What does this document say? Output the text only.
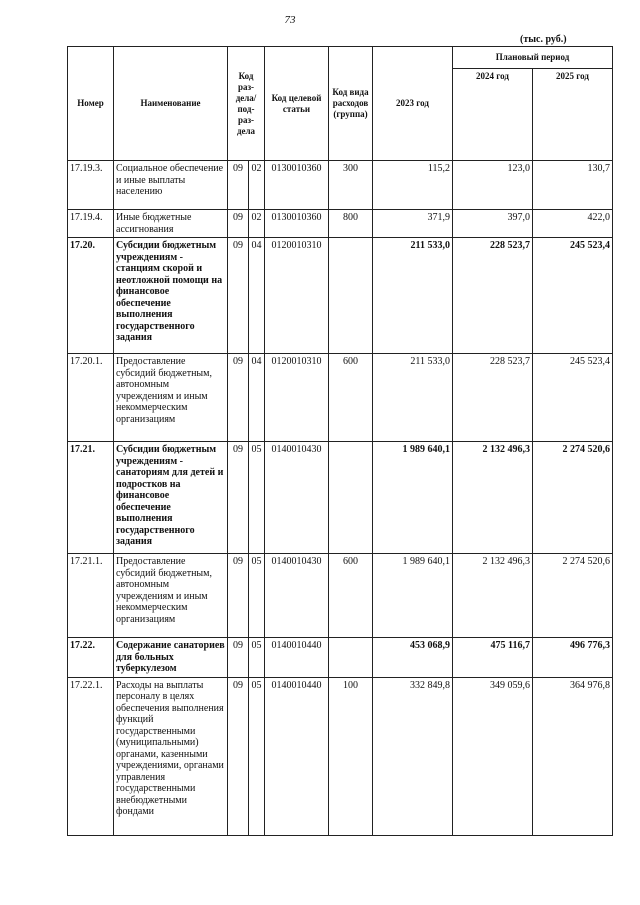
73
(тыс. руб.)
Номер	Наименование	Код раз-дела/ под-раз-дела		Код целевой статьи	Код вида расходов (группа)	2023 год	Плановый период	
							2024 год	2025 год
17.19.3.	Социальное обеспечение и иные выплаты населению	09	02	0130010360	300	115,2	123,0	130,7
17.19.4.	Иные бюджетные ассигнования	09	02	0130010360	800	371,9	397,0	422,0
17.20.	Субсидии бюджетным учреждениям - станциям скорой и неотложной помощи на финансовое обеспечение выполнения государственного задания	09	04	0120010310		211 533,0	228 523,7	245 523,4
17.20.1.	Предоставление субсидий бюджетным, автономным учреждениям и иным некоммерческим организациям	09	04	0120010310	600	211 533,0	228 523,7	245 523,4
17.21.	Субсидии бюджетным учреждениям - санаториям для детей и подростков на финансовое обеспечение выполнения государственного задания	09	05	0140010430		1 989 640,1	2 132 496,3	2 274 520,6
17.21.1.	Предоставление субсидий бюджетным, автономным учреждениям и иным некоммерческим организациям	09	05	0140010430	600	1 989 640,1	2 132 496,3	2 274 520,6
17.22.	Содержание санаториев для больных туберкулезом	09	05	0140010440		453 068,9	475 116,7	496 776,3
17.22.1.	Расходы на выплаты персоналу в целях обеспечения выполнения функций государственными (муниципальными) органами, казенными учреждениями, органами управления государственными внебюджетными фондами	09	05	0140010440	100	332 849,8	349 059,6	364 976,8
